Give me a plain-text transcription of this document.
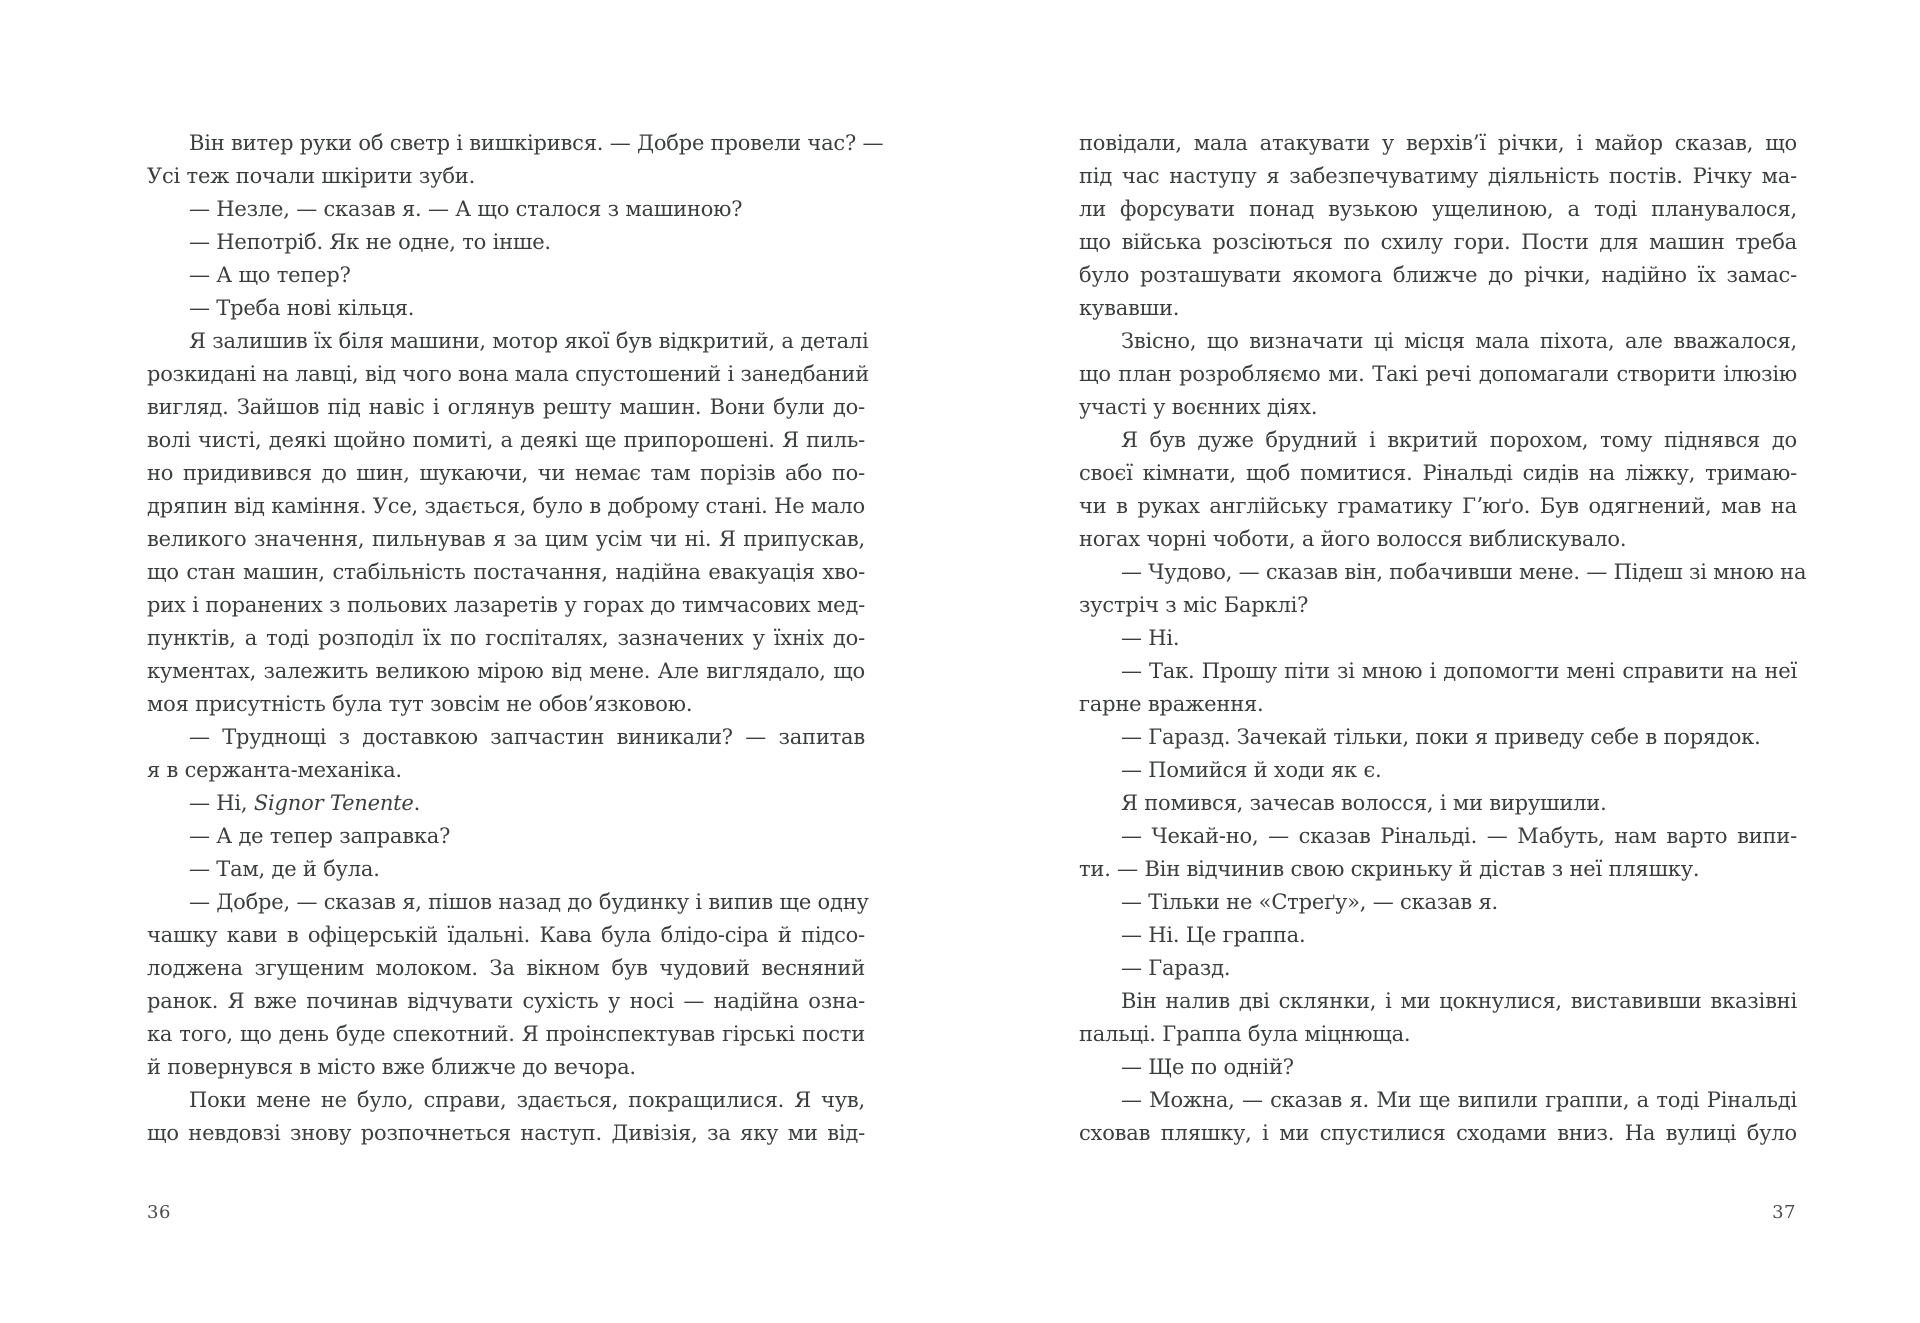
Він витер руки об светр і вишкірився. — Добре провели час? —
Усі теж почали шкірити зуби.
— Незле, — сказав я. — А що сталося з машиною?
— Непотріб. Як не одне, то інше.
— А що тепер?
— Треба нові кільця.
Я залишив їх біля машини, мотор якої був відкритий, а деталі
розкидані на лавці, від чого вона мала спустошений і занедбаний
вигляд. Зайшов під навіс і оглянув решту машин. Вони були до-
волі чисті, деякі щойно помиті, а деякі ще припорошені. Я пиль-
но придивився до шин, шукаючи, чи немає там порізів або по-
дряпин від каміння. Усе, здається, було в доброму стані. Не мало
великого значення, пильнував я за цим усім чи ні. Я припускав,
що стан машин, стабільність постачання, надійна евакуація хво-
рих і поранених з польових лазаретів у горах до тимчасових мед-
пунктів, а тоді розподіл їх по госпіталях, зазначених у їхніх до-
кументах, залежить великою мірою від мене. Але виглядало, що
моя присутність була тут зовсім не обов’язковою.
— Труднощі з доставкою запчастин виникали? — запитав
я в сержанта-механіка.
— Ні, Signor Tenente.
— А де тепер заправка?
— Там, де й була.
— Добре, — сказав я, пішов назад до будинку і випив ще одну
чашку кави в офіцерській їдальні. Кава була блідо-сіра й підсо-
лоджена згущеним молоком. За вікном був чудовий весняний
ранок. Я вже починав відчувати сухість у носі — надійна озна-
ка того, що день буде спекотний. Я проінспектував гірські пости
й повернувся в місто вже ближче до вечора.
Поки мене не було, справи, здається, покращилися. Я чув,
що невдовзі знову розпочнеться наступ. Дивізія, за яку ми від-
36
повідали, мала атакувати у верхів’ї річки, і майор сказав, що
під час наступу я забезпечуватиму діяльність постів. Річку ма-
ли форсувати понад вузькою ущелиною, а тоді планувалося,
що війська розсіються по схилу гори. Пости для машин треба
було розташувати якомога ближче до річки, надійно їх замас-
кувавши.
Звісно, що визначати ці місця мала піхота, але вважалося,
що план розробляємо ми. Такі речі допомагали створити ілюзію
участі у воєнних діях.
Я був дуже брудний і вкритий порохом, тому піднявся до
своєї кімнати, щоб помитися. Рінальді сидів на ліжку, тримаю-
чи в руках англійську граматику Гʼюґо. Був одягнений, мав на
ногах чорні чоботи, а його волосся виблискувало.
— Чудово, — сказав він, побачивши мене. — Підеш зі мною на
зустріч з міс Барклі?
— Ні.
— Так. Прошу піти зі мною і допомогти мені справити на неї
гарне враження.
— Гаразд. Зачекай тільки, поки я приведу себе в порядок.
— Помийся й ходи як є.
Я помився, зачесав волосся, і ми вирушили.
— Чекай-но, — сказав Рінальді. — Мабуть, нам варто випи-
ти. — Він відчинив свою скриньку й дістав з неї пляшку.
— Тільки не «Стреґу», — сказав я.
— Ні. Це граппа.
— Гаразд.
Він налив дві склянки, і ми цокнулися, виставивши вказівні
пальці. Граппа була міцнюща.
— Ще по одній?
— Можна, — сказав я. Ми ще випили граппи, а тоді Рінальді
сховав пляшку, і ми спустилися сходами вниз. На вулиці було
37
